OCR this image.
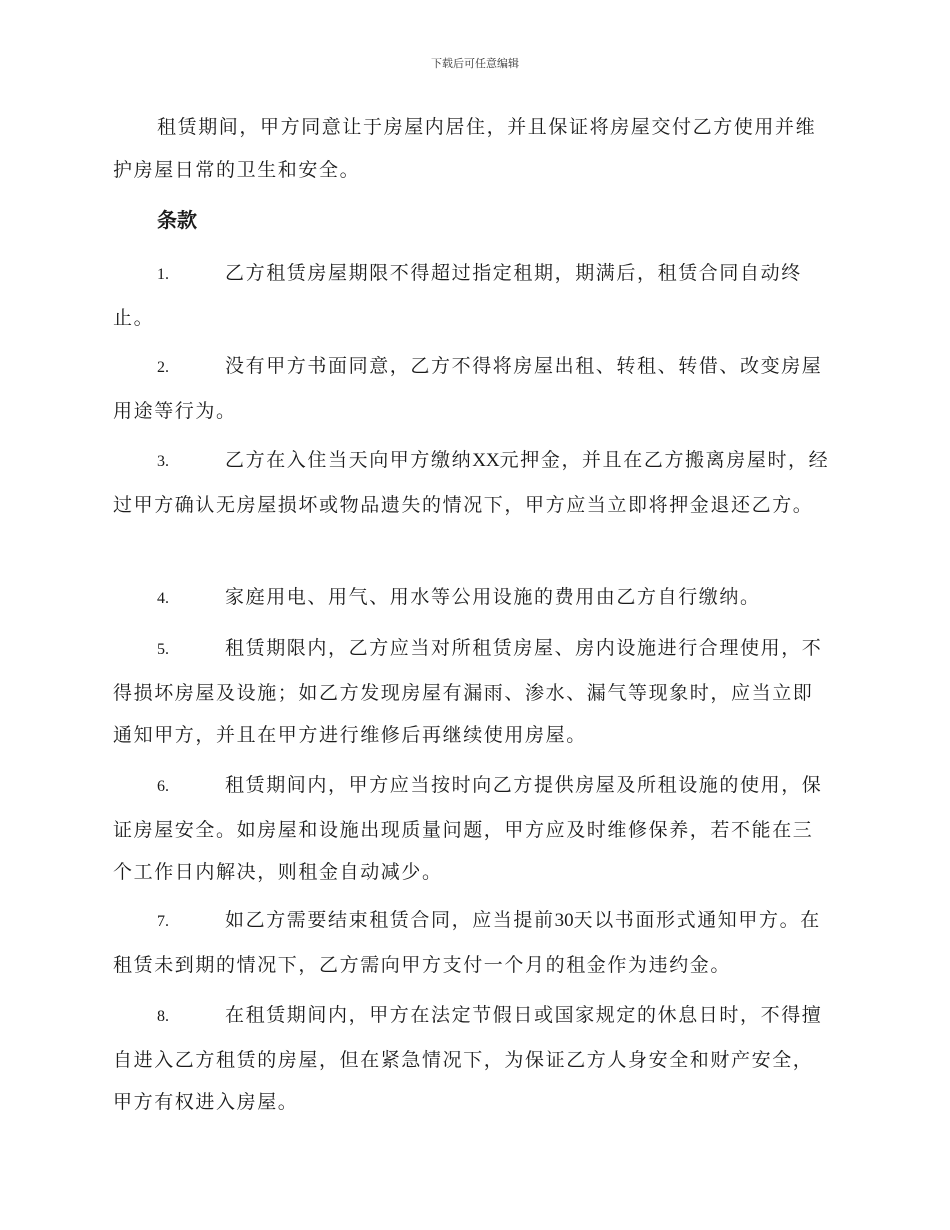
下载后可任意编辑

租赁期间，甲方同意让于房屋内居住，并且保证将房屋交付乙方使用并维护房屋日常的卫生和安全。

条款

1.	乙方租赁房屋期限不得超过指定租期，期满后，租赁合同自动终止。

2.	没有甲方书面同意，乙方不得将房屋出租、转租、转借、改变房屋用途等行为。

3.	乙方在入住当天向甲方缴纳XX元押金，并且在乙方搬离房屋时，经过甲方确认无房屋损坏或物品遗失的情况下，甲方应当立即将押金退还乙方。

4.	家庭用电、用气、用水等公用设施的费用由乙方自行缴纳。

5.	租赁期限内，乙方应当对所租赁房屋、房内设施进行合理使用，不得损坏房屋及设施；如乙方发现房屋有漏雨、渗水、漏气等现象时，应当立即通知甲方，并且在甲方进行维修后再继续使用房屋。

6.	租赁期间内，甲方应当按时向乙方提供房屋及所租设施的使用，保证房屋安全。如房屋和设施出现质量问题，甲方应及时维修保养，若不能在三个工作日内解决，则租金自动减少。

7.	如乙方需要结束租赁合同，应当提前30天以书面形式通知甲方。在租赁未到期的情况下，乙方需向甲方支付一个月的租金作为违约金。

8.	在租赁期间内，甲方在法定节假日或国家规定的休息日时，不得擅自进入乙方租赁的房屋，但在紧急情况下，为保证乙方人身安全和财产安全，甲方有权进入房屋。
